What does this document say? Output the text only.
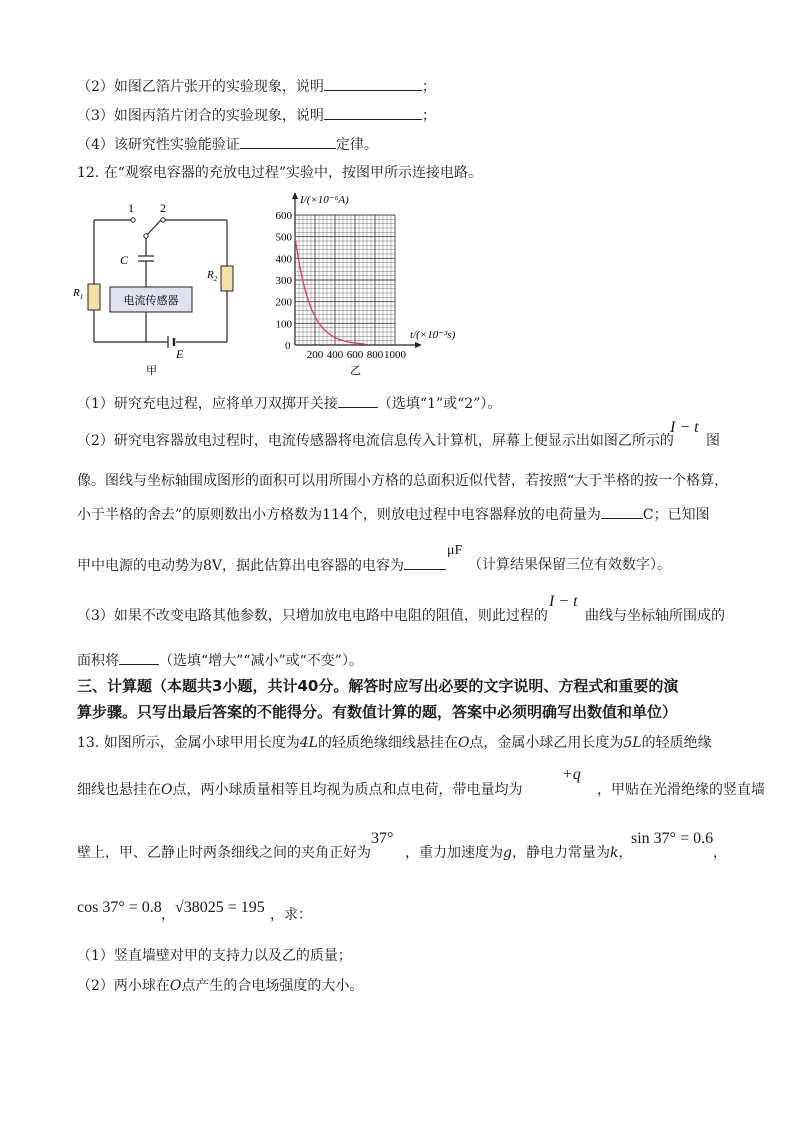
（2）如图乙箔片张开的实验现象，说明	；
（3）如图丙箔片闭合的实验现象，说明	；
（4）该研究性实验能验证	定律。
12. 在“观察电容器的充放电过程”实验中，按图甲所示连接电路。
1 2
C
$R_1$
$R_2$
电流传感器
E
甲
I/(×10⁻⁶A)
t/(×10⁻³s)
600
500
400
300
200
100
200 400 600 800 1000
0
乙
（1）研究充电过程，应将单刀双掷开关接	（选填“1”或“2”）。
（2）研究电容器放电过程时，电流传感器将电流信息传入计算机，屏幕上便显示出如图乙所示的
I − t
图
像。图线与坐标轴围成图形的面积可以用所围小方格的总面积近似代替，若按照“大于半格的按一个格算，
小于半格的舍去”的原则数出小方格数为114个，则放电过程中电容器释放的电荷量为	C；已知图
甲中电源的电动势为8V，据此估算出电容器的电容为
μF
（计算结果保留三位有效数字）。
（3）如果不改变电路其他参数，只增加放电电路中电阻的阻值，则此过程的
I − t
曲线与坐标轴所围成的
面积将	（选填“增大”“减小”或“不变”）。
三、计算题（本题共3小题，共计40分。解答时应写出必要的文字说明、方程式和重要的演
算步骤。只写出最后答案的不能得分。有数值计算的题，答案中必须明确写出数值和单位）
13. 如图所示，金属小球甲用长度为4L的轻质绝缘细线悬挂在O点，金属小球乙用长度为5L的轻质绝缘
细线也悬挂在O点，两小球质量相等且均视为质点和点电荷，带电量均为
+q
，甲贴在光滑绝缘的竖直墙
壁上，甲、乙静止时两条细线之间的夹角正好为
37°
，重力加速度为g，静电力常量为k，
sin 37° = 0.6
，
cos 37° = 0.8 ， √38025 = 195 ，求：
（1）竖直墙壁对甲的支持力以及乙的质量；
（2）两小球在O点产生的合电场强度的大小。
